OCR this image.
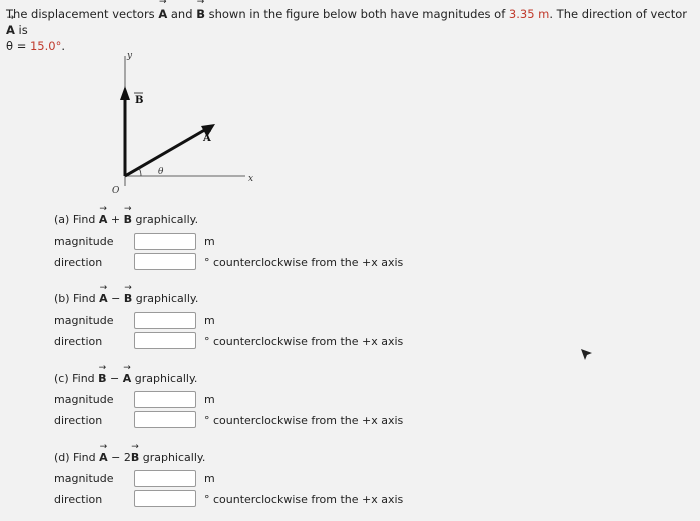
The displacement vectors → A and → B shown in the figure below both have magnitudes of 3.35 m. The direction of vector → A is
θ = 15.0°.
y
x
O
B
A
θ
(a) Find → A + → B graphically.
magnitude	m
direction	° counterclockwise from the +x axis
(b) Find → A − → B graphically.
magnitude	m
direction	° counterclockwise from the +x axis
(c) Find → B − → A graphically.
magnitude	m
direction	° counterclockwise from the +x axis
(d) Find → A − 2→ B graphically.
magnitude	m
direction	° counterclockwise from the +x axis
